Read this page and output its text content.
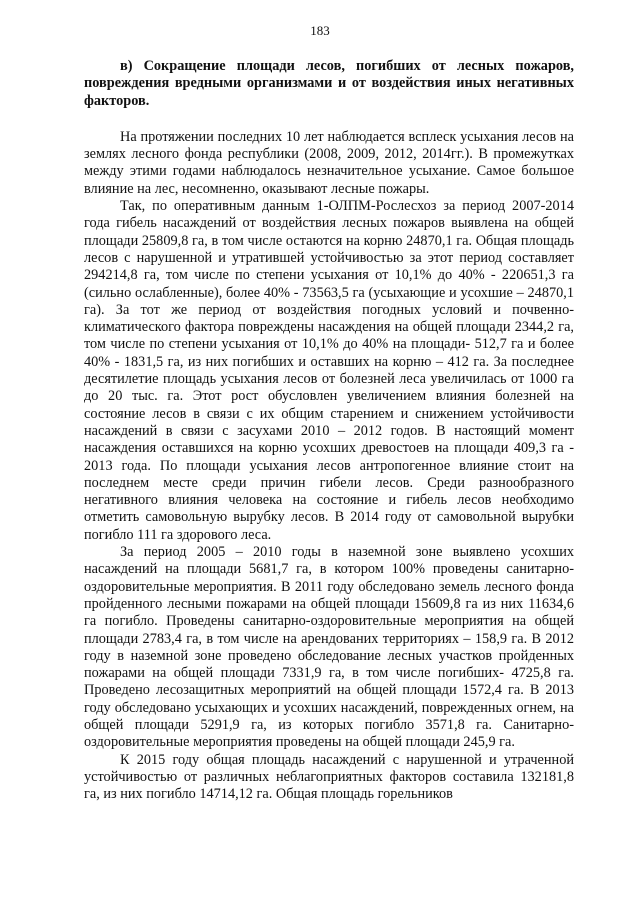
183

в) Сокращение площади лесов, погибших от лесных пожаров, повреждения вредными организмами и от воздействия иных негативных факторов.

На протяжении последних 10 лет наблюдается всплеск усыхания лесов на землях лесного фонда республики (2008, 2009, 2012, 2014гг.). В промежутках между этими годами наблюдалось незначительное усыхание. Самое большое влияние на лес, несомненно, оказывают лесные пожары.

Так, по оперативным данным 1-ОЛПМ-Рослесхоз за период 2007-2014 года гибель насаждений от воздействия лесных пожаров выявлена на общей площади 25809,8 га, в том числе остаются на корню 24870,1 га. Общая площадь лесов с нарушенной и утратившей устойчивостью за этот период составляет 294214,8 га, том числе по степени усыхания от 10,1% до 40% - 220651,3 га (сильно ослабленные), более 40% - 73563,5 га (усыхающие и усохшие – 24870,1 га). За тот же период от воздействия погодных условий и почвенно-климатического фактора повреждены насаждения на общей площади 2344,2 га, том числе по степени усыхания от 10,1% до 40% на площади- 512,7 га и более 40% - 1831,5 га, из них погибших и оставших на корню – 412 га. За последнее десятилетие площадь усыхания лесов от болезней леса увеличилась от 1000 га до 20 тыс. га. Этот рост обусловлен увеличением влияния болезней на состояние лесов в связи с их общим старением и снижением устойчивости насаждений в связи с засухами 2010 – 2012 годов. В настоящий момент насаждения оставшихся на корню усохших древостоев на площади 409,3 га - 2013 года. По площади усыхания лесов антропогенное влияние стоит на последнем месте среди причин гибели лесов. Среди разнообразного негативного влияния человека на состояние и гибель лесов необходимо отметить самовольную вырубку лесов. В 2014 году от самовольной вырубки погибло 111 га здорового леса.

За период 2005 – 2010 годы в наземной зоне выявлено усохших насаждений на площади 5681,7 га, в котором 100% проведены санитарно-оздоровительные мероприятия. В 2011 году обследовано земель лесного фонда пройденного лесными пожарами на общей площади 15609,8 га из них 11634,6 га погибло. Проведены санитарно-оздоровительные мероприятия на общей площади 2783,4 га, в том числе на арендованих территориях – 158,9 га. В 2012 году в наземной зоне проведено обследование лесных участков пройденных пожарами на общей площади 7331,9 га, в том числе погибших- 4725,8 га. Проведено лесозащитных мероприятий на общей площади 1572,4 га. В 2013 году обследовано усыхающих и усохших насаждений, поврежденных огнем, на общей площади 5291,9 га, из которых погибло 3571,8 га. Санитарно-оздоровительные мероприятия проведены на общей площади 245,9 га.

К 2015 году общая площадь насаждений с нарушенной и утраченной устойчивостью от различных неблагоприятных факторов составила 132181,8 га, из них погибло 14714,12 га. Общая площадь горельников
